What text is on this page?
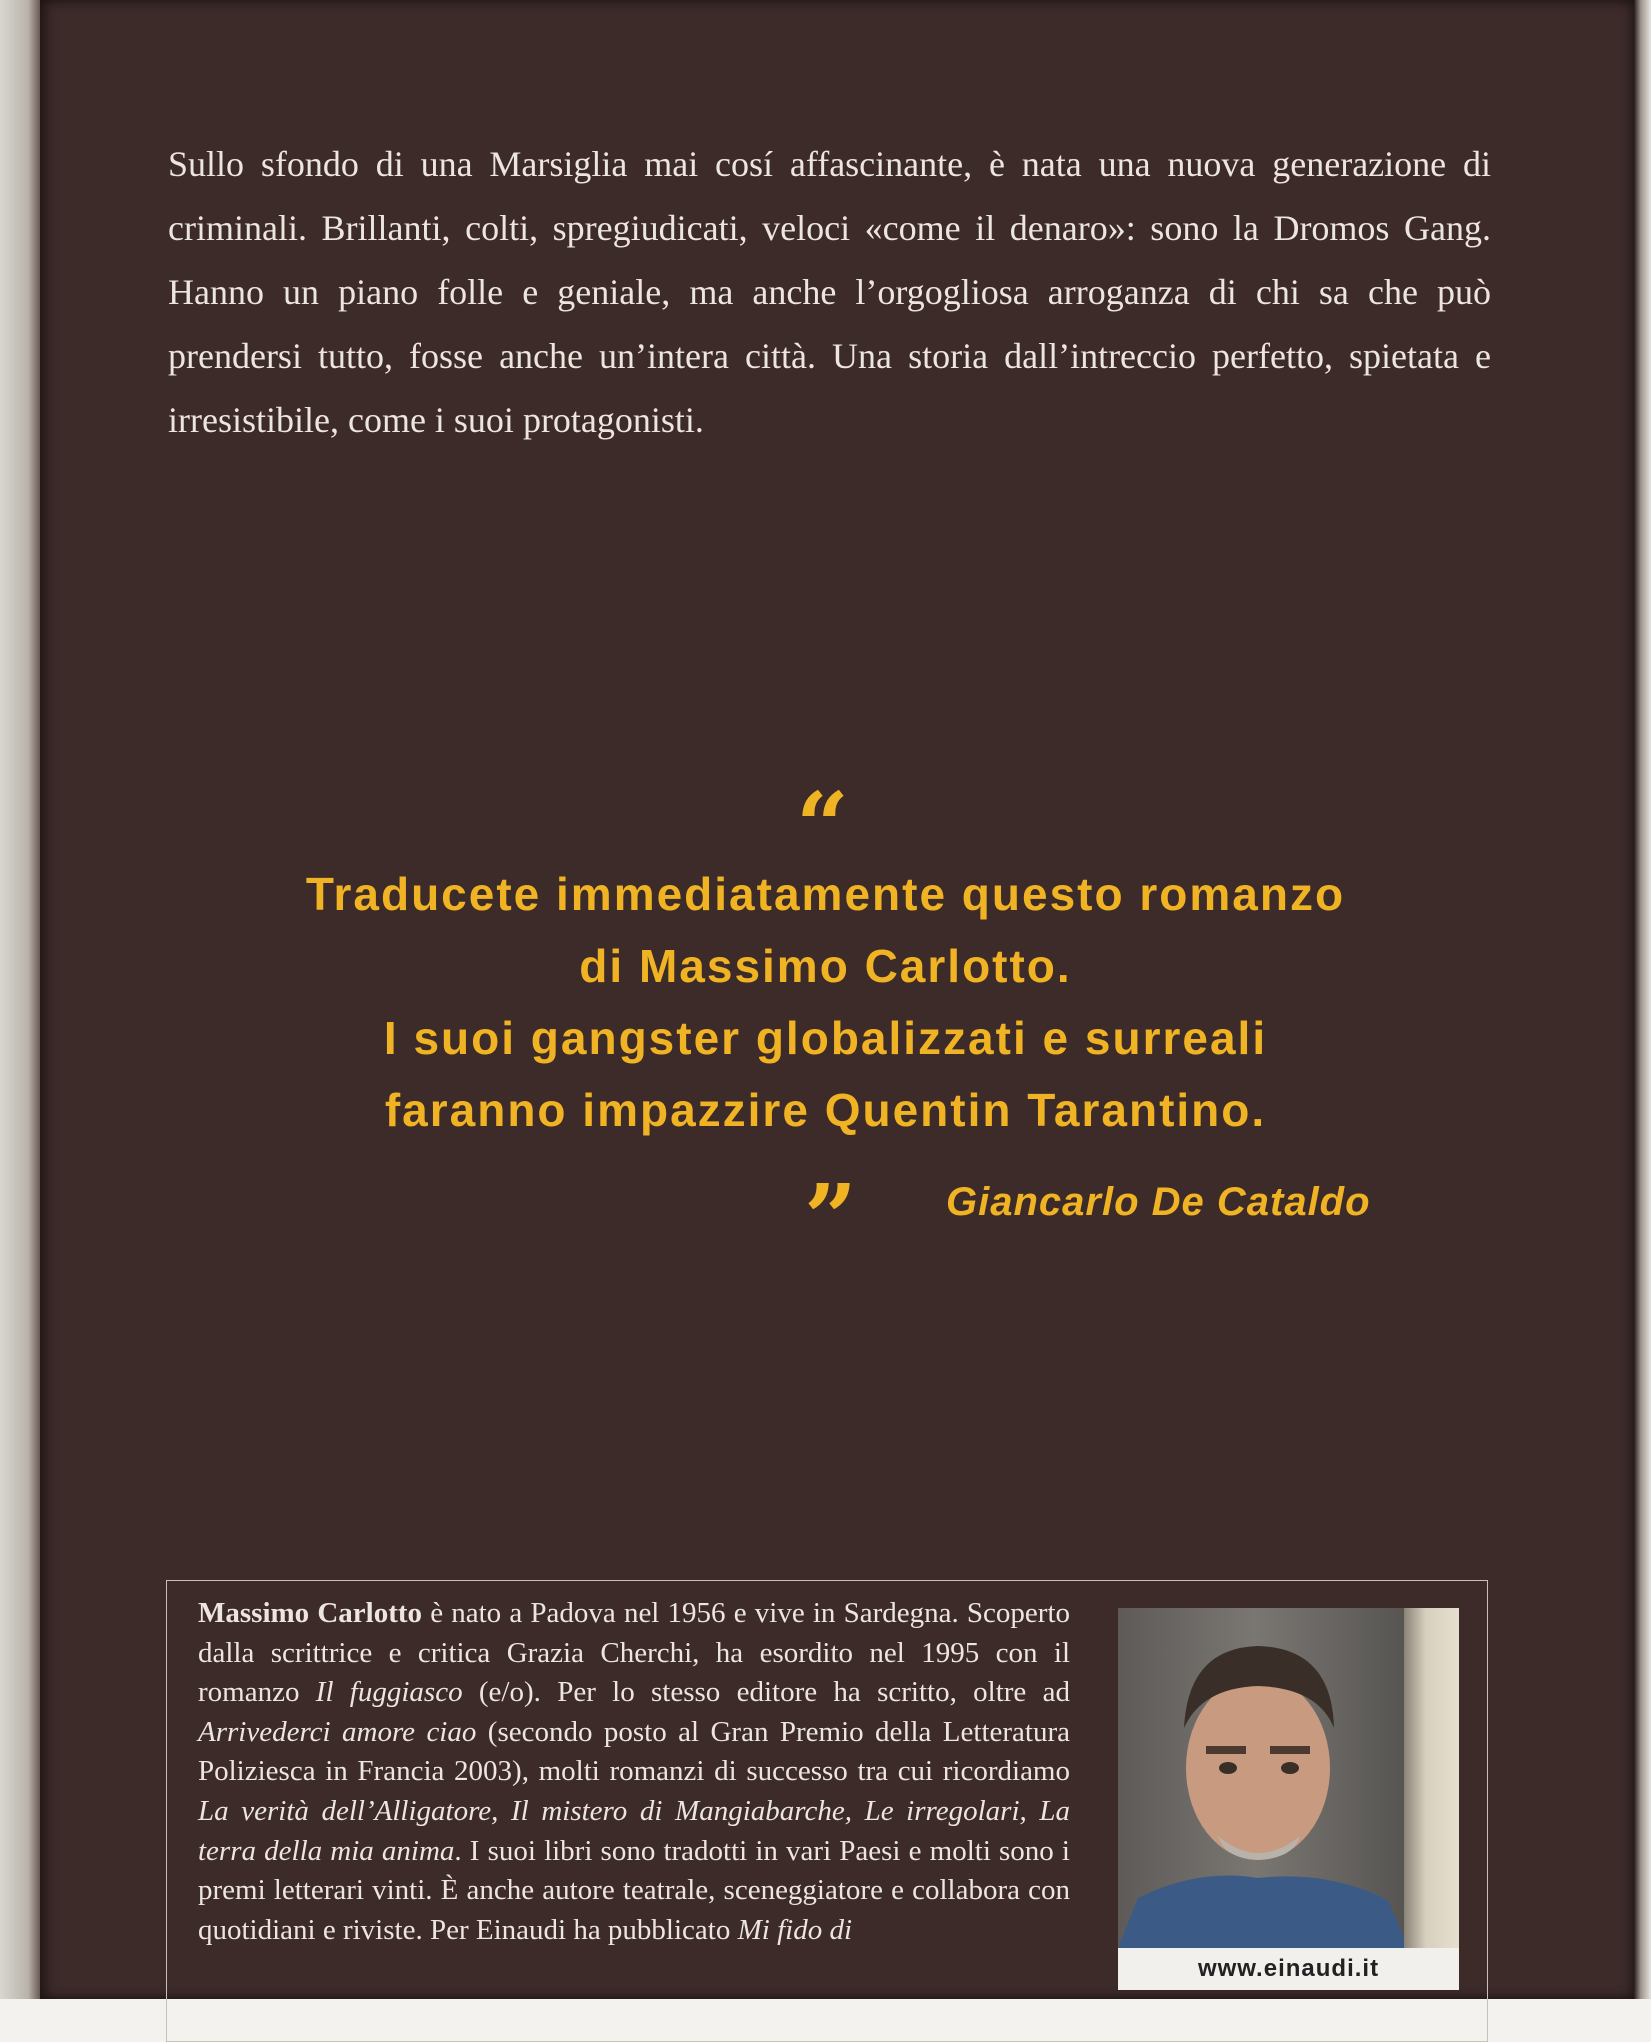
Sullo sfondo di una Marsiglia mai cosí affascinante, è nata una nuova generazione di criminali. Brillanti, colti, spregiudicati, veloci «come il denaro»: sono la Dromos Gang. Hanno un piano folle e geniale, ma anche l’orgogliosa arroganza di chi sa che può prendersi tutto, fosse anche un’intera città. Una storia dall’intreccio perfetto, spietata e irresistibile, come i suoi protagonisti.

“
Traducete immediatamente questo romanzo
di Massimo Carlotto.
I suoi gangster globalizzati e surreali
faranno impazzire Quentin Tarantino.
” Giancarlo De Cataldo

Massimo Carlotto è nato a Padova nel 1956 e vive in Sardegna. Scoperto dalla scrittrice e critica Grazia Cherchi, ha esordito nel 1995 con il romanzo Il fuggiasco (e/o). Per lo stesso editore ha scritto, oltre ad Arrivederci amore ciao (secondo posto al Gran Premio della Letteratura Poliziesca in Francia 2003), molti romanzi di successo tra cui ricordiamo La verità dell’Alligatore, Il mistero di Mangiabarche, Le irregolari, La terra della mia anima. I suoi libri sono tradotti in vari Paesi e molti sono i premi letterari vinti. È anche autore teatrale, sceneggiatore e collabora con quotidiani e riviste. Per Einaudi ha pubblicato Mi fido di

www.einaudi.it
